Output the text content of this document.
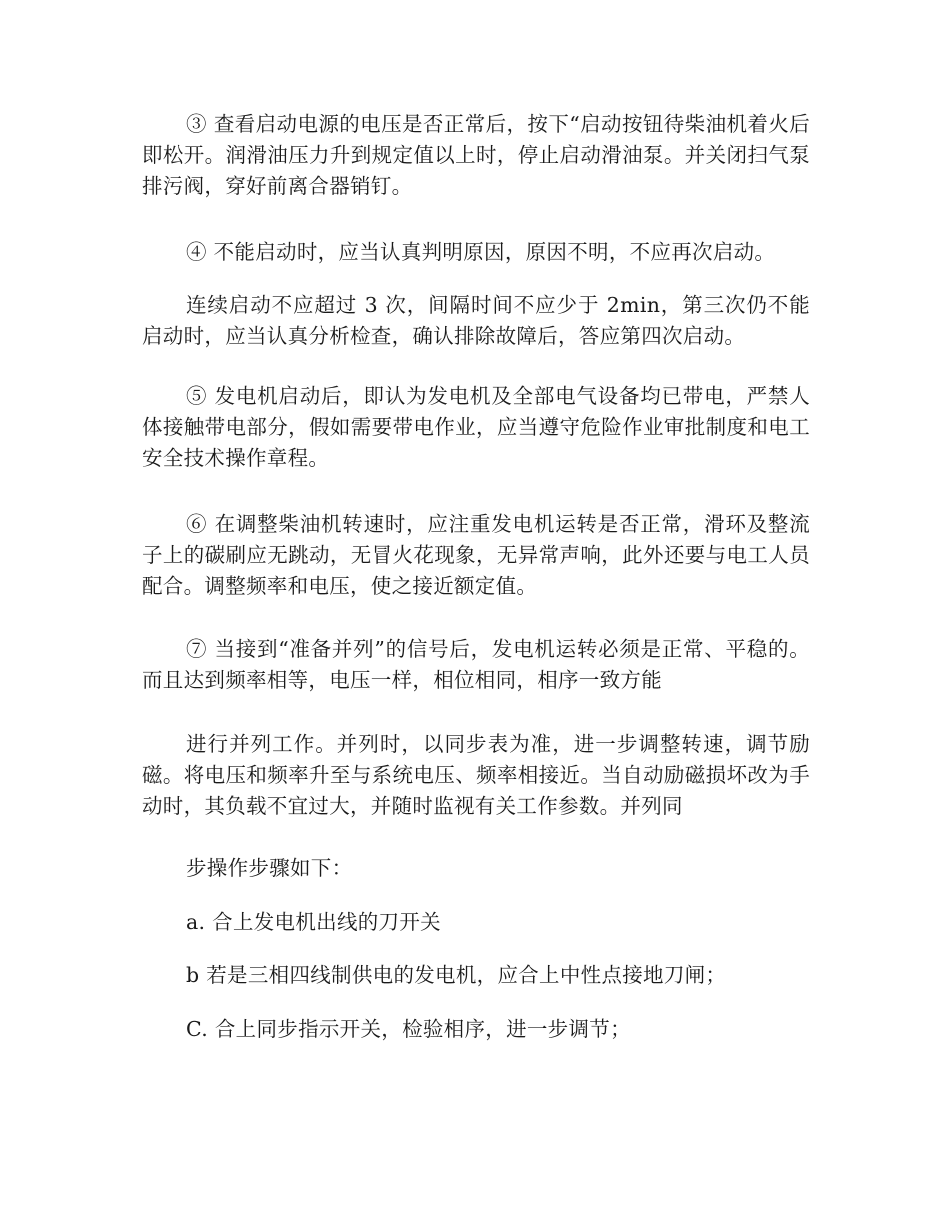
③ 查看启动电源的电压是否正常后，按下“启动按钮待柴油机着火后即松开。润滑油压力升到规定值以上时，停止启动滑油泵。并关闭扫气泵排污阀，穿好前离合器销钉。

④ 不能启动时，应当认真判明原因，原因不明，不应再次启动。

连续启动不应超过 3 次，间隔时间不应少于 2min，第三次仍不能启动时，应当认真分析检查，确认排除故障后，答应第四次启动。

⑤ 发电机启动后，即认为发电机及全部电气设备均已带电，严禁人体接触带电部分，假如需要带电作业，应当遵守危险作业审批制度和电工安全技术操作章程。

⑥ 在调整柴油机转速时，应注重发电机运转是否正常，滑环及整流子上的碳刷应无跳动，无冒火花现象，无异常声响，此外还要与电工人员配合。调整频率和电压，使之接近额定值。

⑦ 当接到“准备并列”的信号后，发电机运转必须是正常、平稳的。而且达到频率相等，电压一样，相位相同，相序一致方能

进行并列工作。并列时，以同步表为准，进一步调整转速，调节励磁。将电压和频率升至与系统电压、频率相接近。当自动励磁损坏改为手动时，其负载不宜过大，并随时监视有关工作参数。并列同

步操作步骤如下：

a. 合上发电机出线的刀开关

b 若是三相四线制供电的发电机，应合上中性点接地刀闸；

C. 合上同步指示开关，检验相序，进一步调节；
